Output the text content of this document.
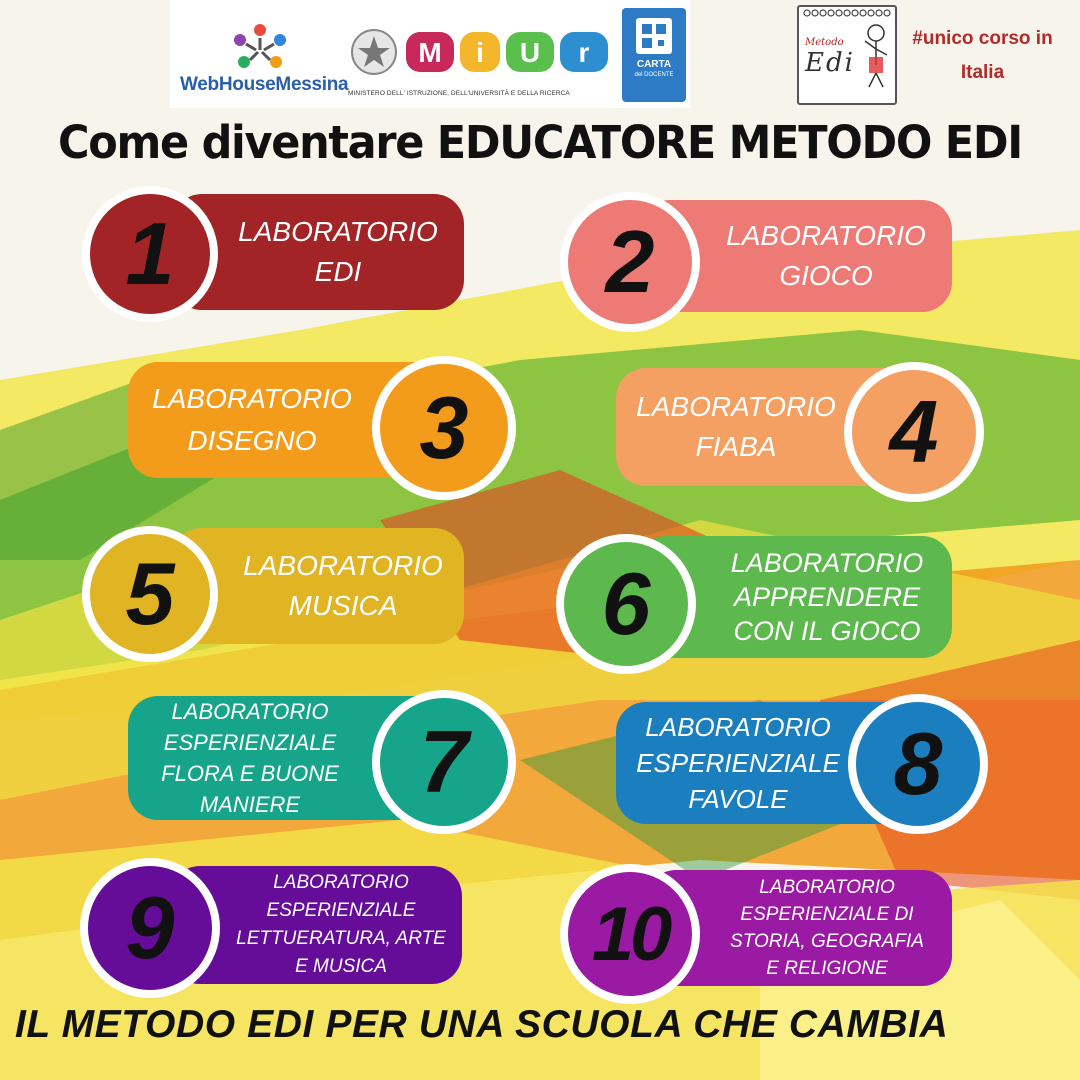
WebHouseMessina
M i U r
MINISTERO DELL' ISTRUZIONE, DELL'UNIVERSITÀ E DELLA RICERCA
CARTA
del DOCENTE
Metodo
Edi
#unico corso in
Italia
Come diventare EDUCATORE METODO EDI
LABORATORIO
EDI
1	LABORATORIO
GIOCO
2
LABORATORIO
DISEGNO	3	LABORATORIO
FIABA	4
LABORATORIO
MUSICA
5	LABORATORIO
APPRENDERE
CON IL GIOCO
6
LABORATORIO
ESPERIENZIALE
FLORA E BUONE
MANIERE	7	LABORATORIO
ESPERIENZIALE
FAVOLE	8
LABORATORIO
ESPERIENZIALE
LETTUERATURA, ARTE
E MUSICA
9	LABORATORIO
ESPERIENZIALE DI
STORIA, GEOGRAFIA
E RELIGIONE
10
IL METODO EDI PER UNA SCUOLA CHE CAMBIA
